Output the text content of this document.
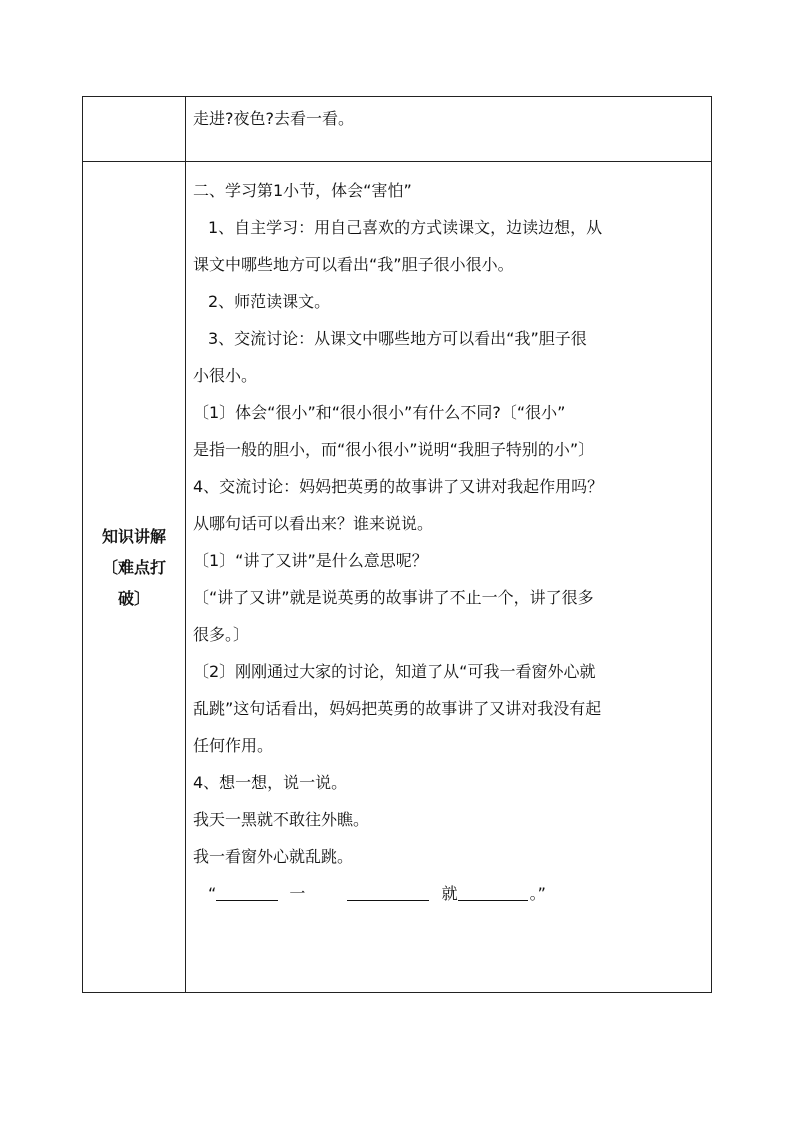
走进?夜色?去看一看。
知识讲解
〔难点打
破〕
二、学习第1小节，体会“害怕”
1、自主学习：用自己喜欢的方式读课文，边读边想，从
课文中哪些地方可以看出“我”胆子很小很小。
2、师范读课文。
3、交流讨论：从课文中哪些地方可以看出“我”胆子很
小很小。
〔1〕体会“很小”和“很小很小”有什么不同?〔“很小”
是指一般的胆小，而“很小很小”说明“我胆子特别的小”〕
4、交流讨论：妈妈把英勇的故事讲了又讲对我起作用吗？
从哪句话可以看出来？谁来说说。
〔1〕“讲了又讲”是什么意思呢？
〔“讲了又讲”就是说英勇的故事讲了不止一个，讲了很多
很多。〕
〔2〕刚刚通过大家的讨论，知道了从“可我一看窗外心就
乱跳”这句话看出，妈妈把英勇的故事讲了又讲对我没有起
任何作用。
4、想一想，说一说。
我天一黑就不敢往外瞧。
我一看窗外心就乱跳。
“	一	就	。”
